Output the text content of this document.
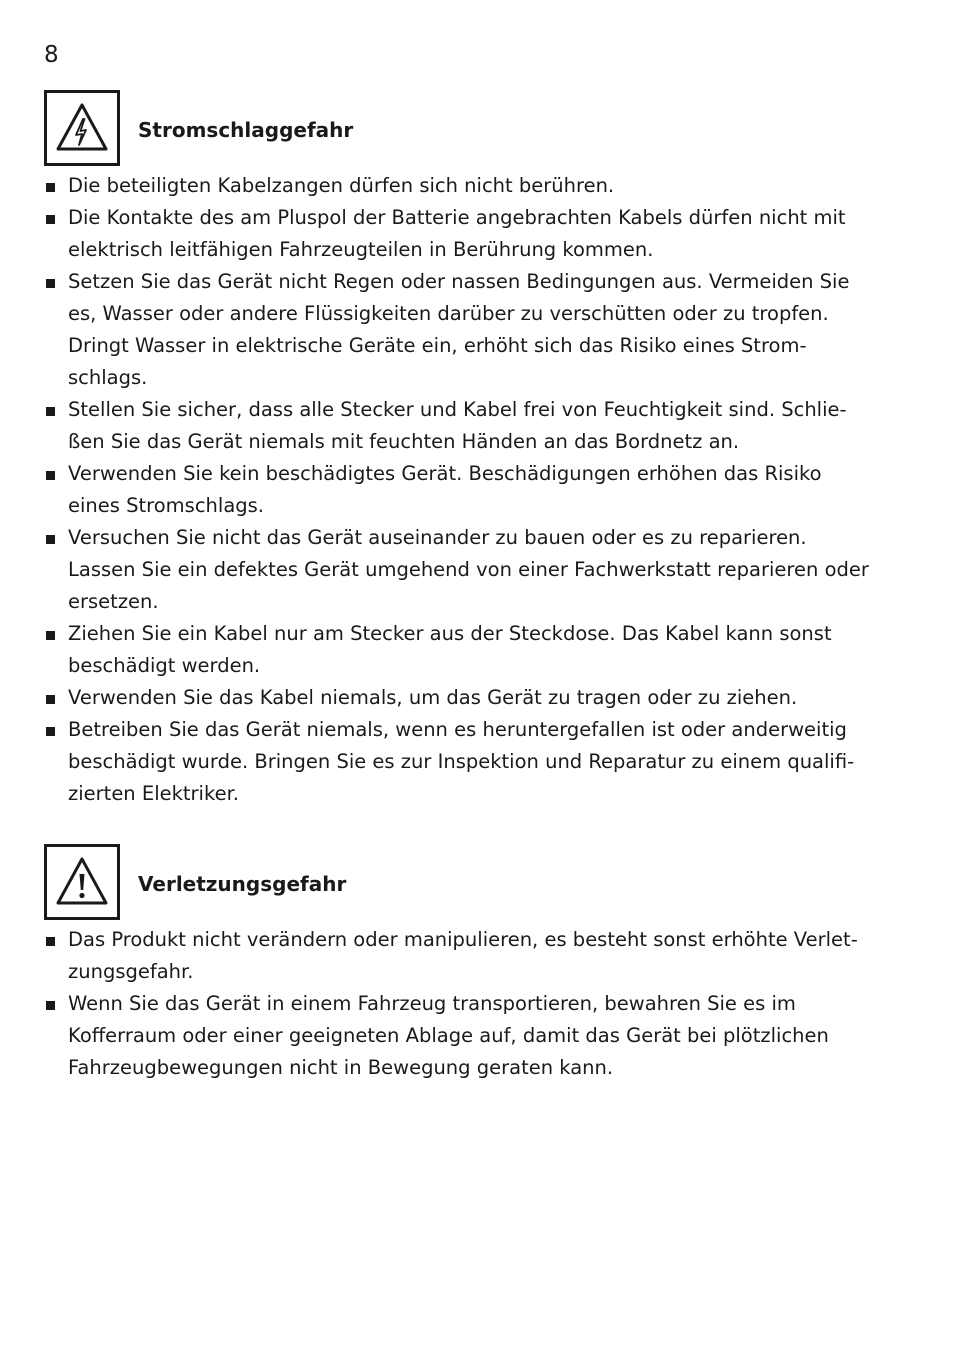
8
Stromschlaggefahr
Die beteiligten Kabelzangen dürfen sich nicht berühren.
Die Kontakte des am Pluspol der Batterie angebrachten Kabels dürfen nicht mit elektrisch leitfähigen Fahrzeugteilen in Berührung kommen.
Setzen Sie das Gerät nicht Regen oder nassen Bedingungen aus. Vermeiden Sie es, Wasser oder andere Flüssigkeiten darüber zu verschütten oder zu tropfen. Dringt Wasser in elektrische Geräte ein, erhöht sich das Risiko eines Strom-schlags.
Stellen Sie sicher, dass alle Stecker und Kabel frei von Feuchtigkeit sind. Schlie-ßen Sie das Gerät niemals mit feuchten Händen an das Bordnetz an.
Verwenden Sie kein beschädigtes Gerät. Beschädigungen erhöhen das Risiko eines Stromschlags.
Versuchen Sie nicht das Gerät auseinander zu bauen oder es zu reparieren. Lassen Sie ein defektes Gerät umgehend von einer Fachwerkstatt reparieren oder ersetzen.
Ziehen Sie ein Kabel nur am Stecker aus der Steckdose. Das Kabel kann sonst beschädigt werden.
Verwenden Sie das Kabel niemals, um das Gerät zu tragen oder zu ziehen.
Betreiben Sie das Gerät niemals, wenn es heruntergefallen ist oder anderweitig beschädigt wurde. Bringen Sie es zur Inspektion und Reparatur zu einem qualifi-zierten Elektriker.
Verletzungsgefahr
Das Produkt nicht verändern oder manipulieren, es besteht sonst erhöhte Verlet-zungsgefahr.
Wenn Sie das Gerät in einem Fahrzeug transportieren, bewahren Sie es im Kofferraum oder einer geeigneten Ablage auf, damit das Gerät bei plötzlichen Fahrzeugbewegungen nicht in Bewegung geraten kann.
